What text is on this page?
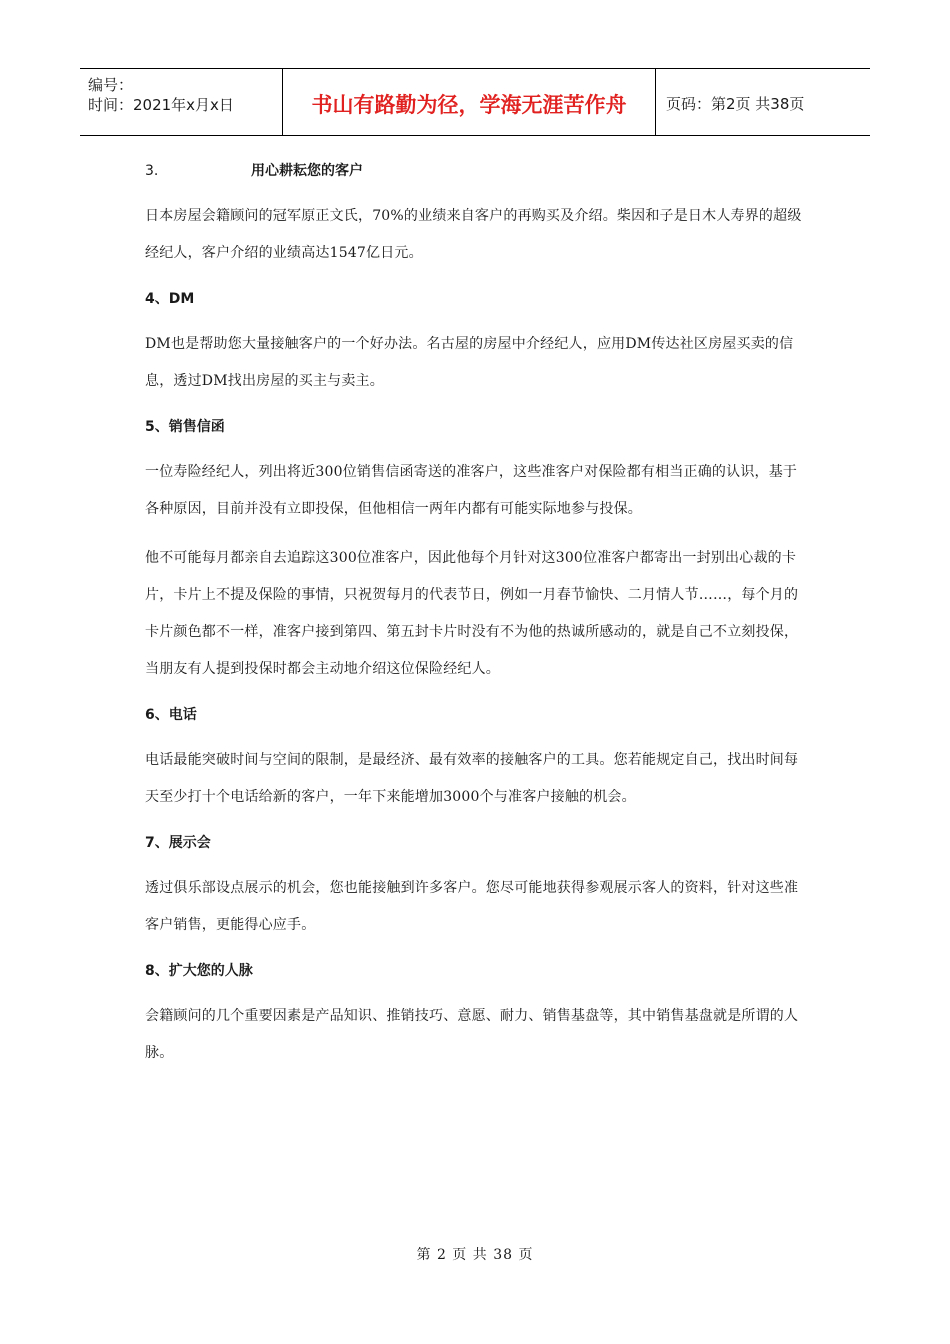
编号：
时间：2021年x月x日	书山有路勤为径，学海无涯苦作舟	页码：第2页 共38页
3.	用心耕耘您的客户

日本房屋会籍顾问的冠军原正文氏，70%的业绩来自客户的再购买及介绍。柴因和子是日木人寿界的超级经纪人，客户介绍的业绩高达1547亿日元。

4、DM

DM也是帮助您大量接触客户的一个好办法。名古屋的房屋中介经纪人，应用DM传达社区房屋买卖的信息，透过DM找出房屋的买主与卖主。

5、销售信函

一位寿险经纪人，列出将近300位销售信函寄送的准客户，这些准客户对保险都有相当正确的认识，基于各种原因，目前并没有立即投保，但他相信一两年内都有可能实际地参与投保。

他不可能每月都亲自去追踪这300位准客户，因此他每个月针对这300位准客户都寄出一封别出心裁的卡片，卡片上不提及保险的事情，只祝贺每月的代表节日，例如一月春节愉快、二月情人节……，每个月的卡片颜色都不一样，准客户接到第四、第五封卡片时没有不为他的热诚所感动的，就是自己不立刻投保，当朋友有人提到投保时都会主动地介绍这位保险经纪人。

6、电话

电话最能突破时间与空间的限制，是最经济、最有效率的接触客户的工具。您若能规定自己，找出时间每天至少打十个电话给新的客户，一年下来能增加3000个与准客户接触的机会。

7、展示会

透过俱乐部设点展示的机会，您也能接触到许多客户。您尽可能地获得参观展示客人的资料，针对这些准客户销售，更能得心应手。

8、扩大您的人脉

会籍顾问的几个重要因素是产品知识、推销技巧、意愿、耐力、销售基盘等，其中销售基盘就是所谓的人脉。

第 2 页 共 38 页
